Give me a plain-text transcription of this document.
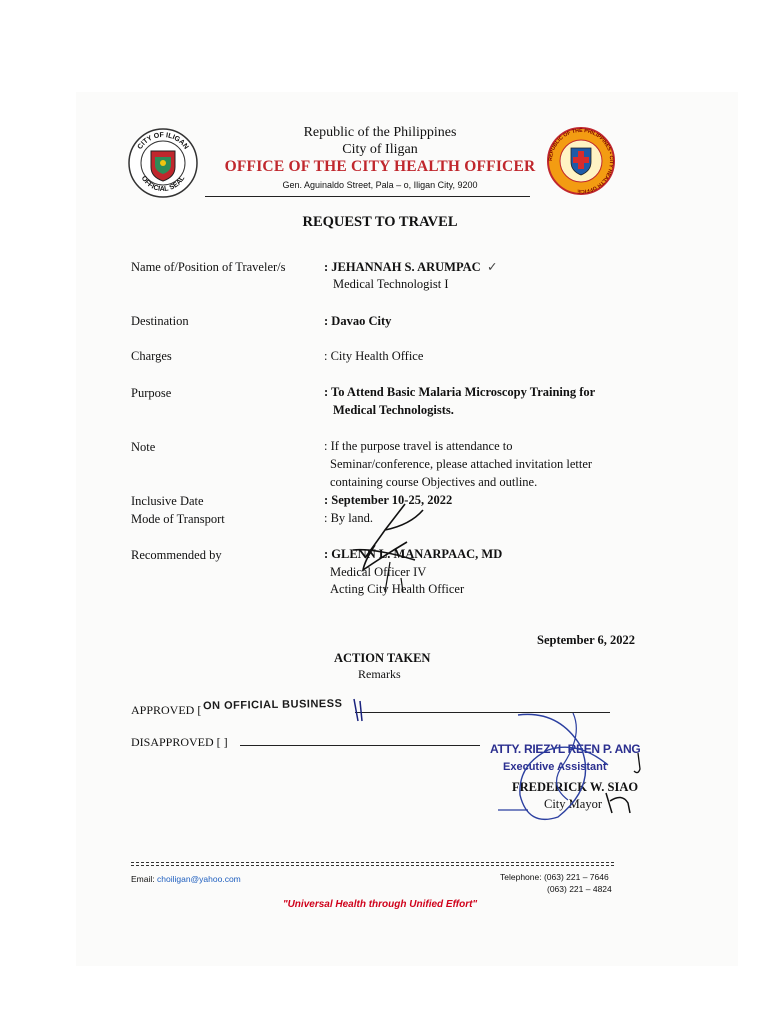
CITY OF ILIGAN
OFFICIAL SEAL
REPUBLIC OF THE PHILIPPINES • CITY HEALTH OFFICE
Republic of the Philippines
City of Iligan
OFFICE OF THE CITY HEALTH OFFICER
Gen. Aguinaldo Street, Pala – o, Iligan City, 9200
REQUEST TO TRAVEL
Name of/Position of Traveler/s	: JEHANNAH S. ARUMPAC ✓
Medical Technologist I
Destination	: Davao City
Charges	: City Health Office
Purpose	: To Attend Basic Malaria Microscopy Training for
Medical Technologists.
Note	: If the purpose travel is attendance to
Seminar/conference, please attached invitation letter
containing course Objectives and outline.
Inclusive Date	: September 10-25, 2022
Mode of Transport	: By land.
Recommended by	: GLENN L. MANARPAAC, MD
Medical Officer IV
Acting City Health Officer
September 6, 2022
ACTION TAKEN
Remarks
APPROVED [ ON OFFICIAL BUSINESS
DISAPPROVED [ ]	ATTY. RIEZYL REEN P. ANG
Executive Assistant
FREDERICK W. SIAO
City Mayor
Email: choiligan@yahoo.com	Telephone: (063) 221 – 7646
(063) 221 – 4824
"Universal Health through Unified Effort"
